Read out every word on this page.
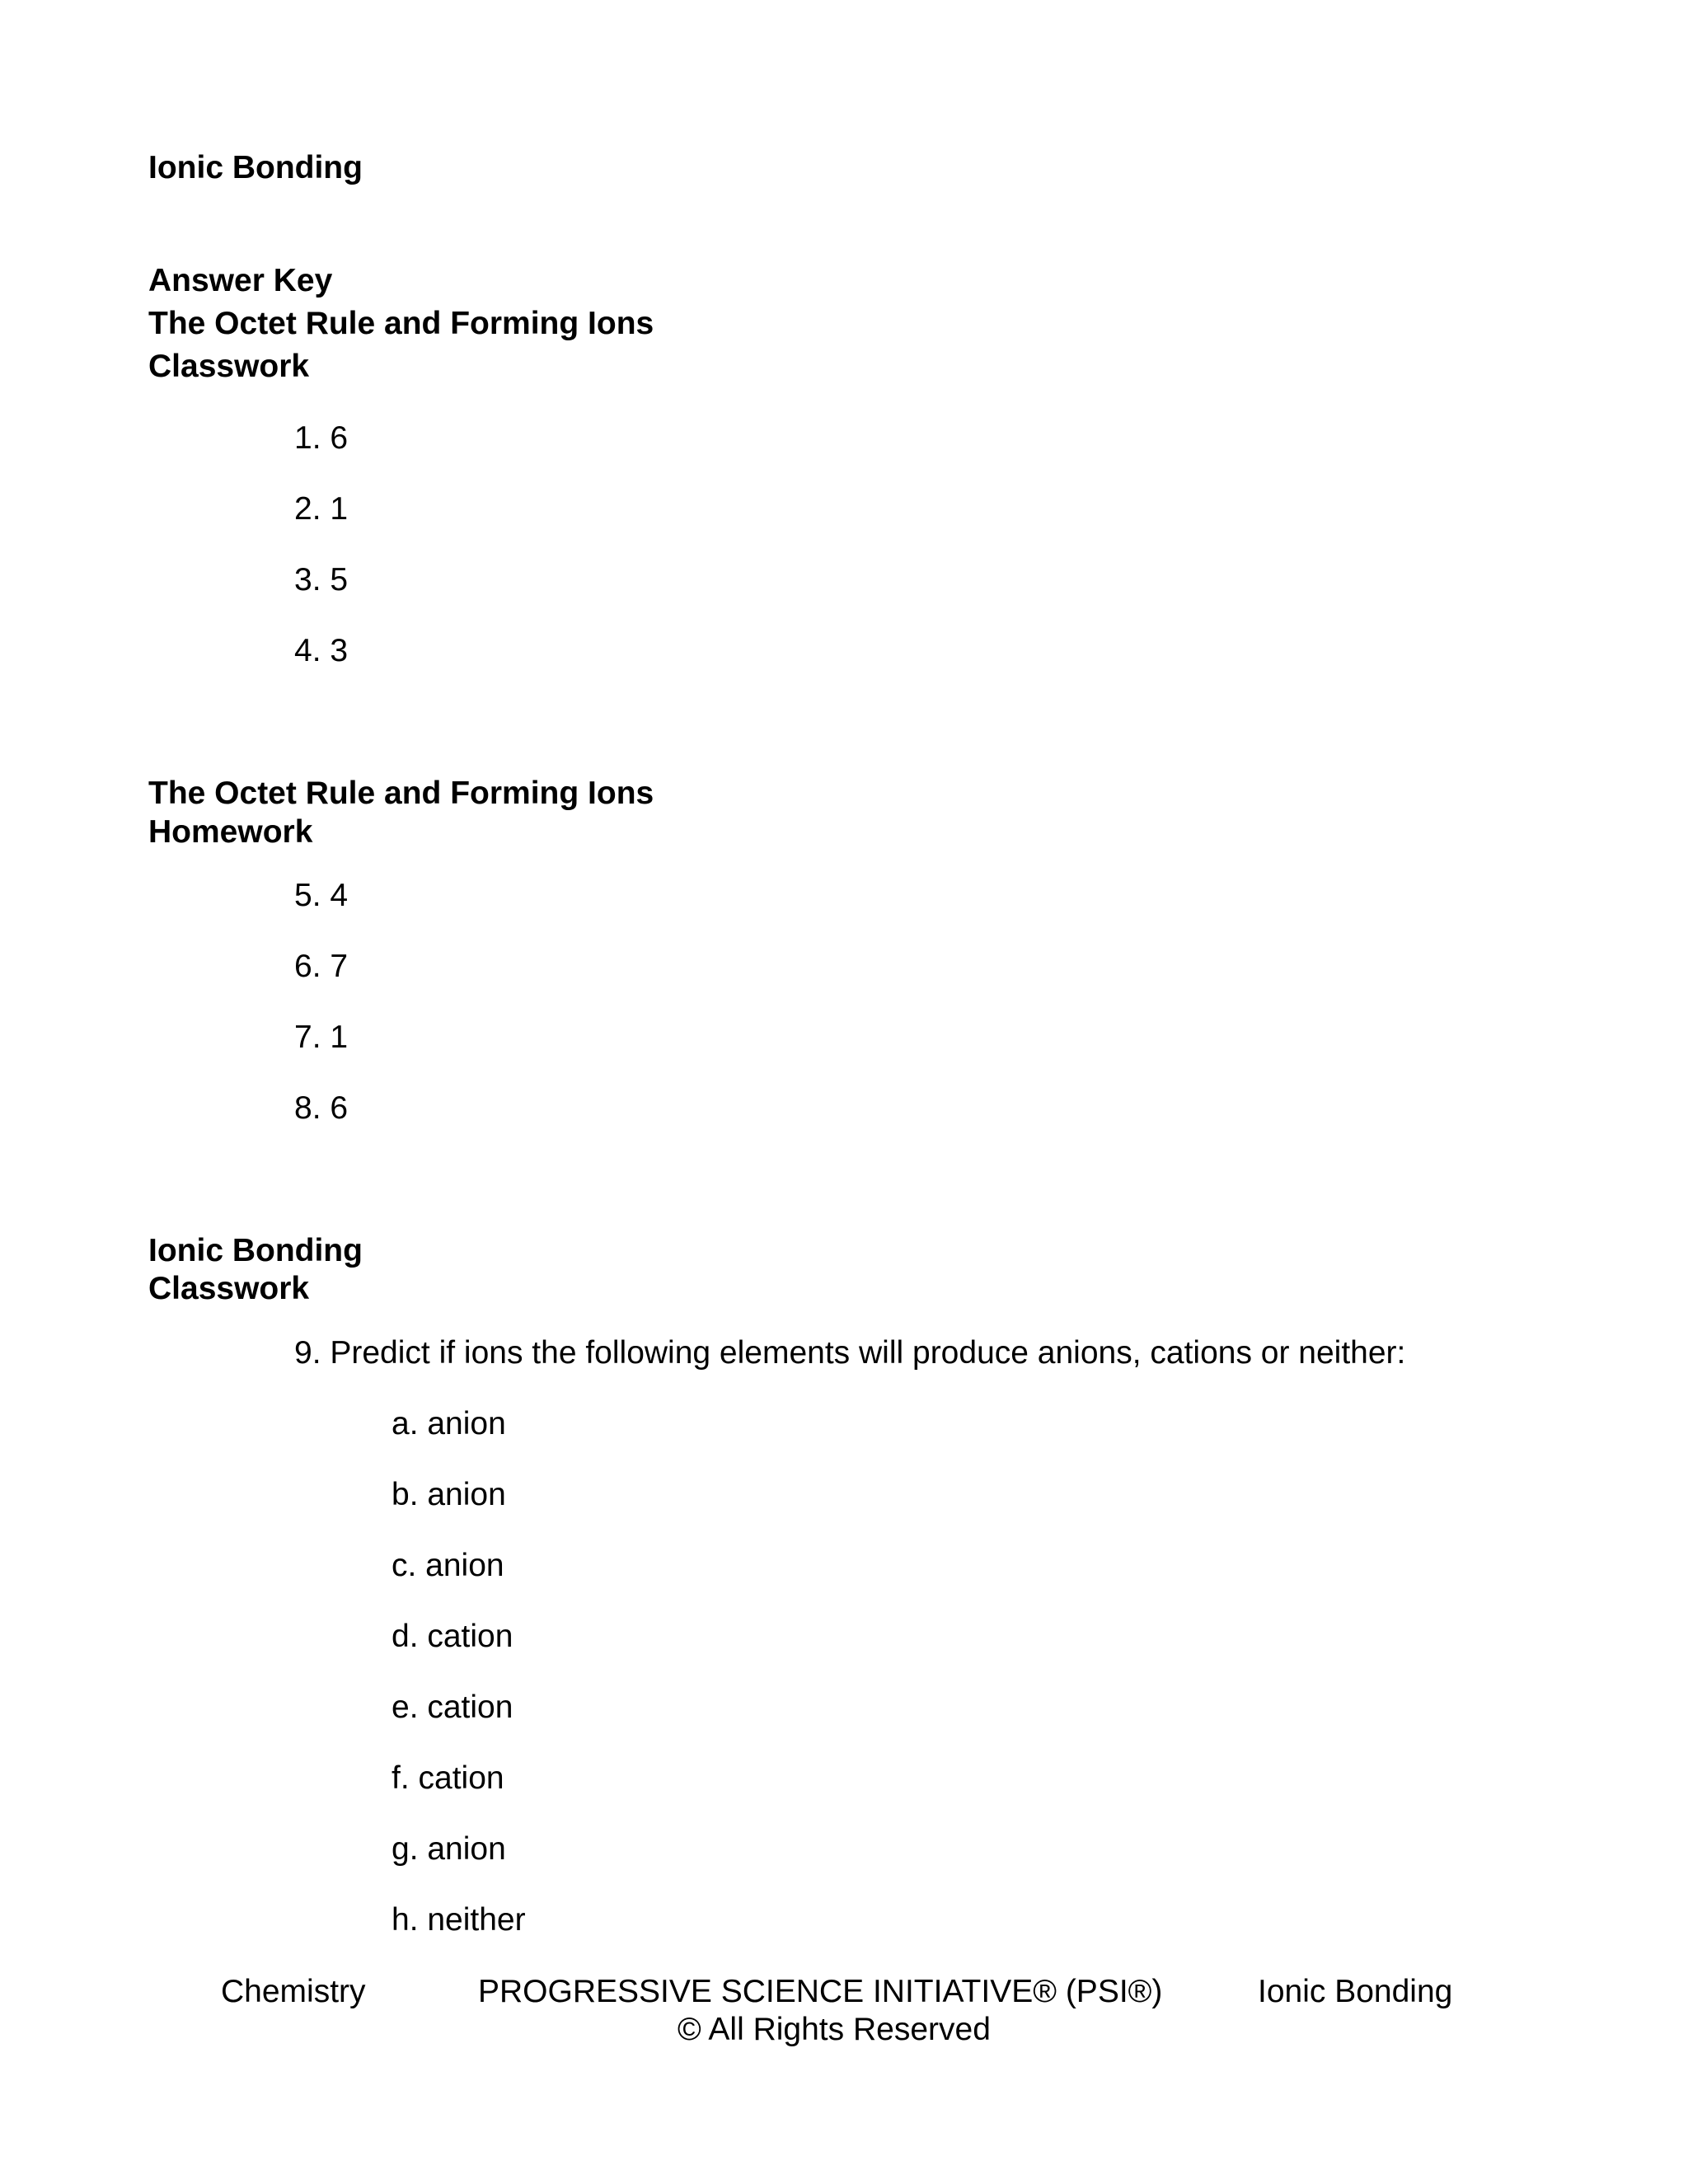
Ionic Bonding
Answer Key
The Octet Rule and Forming Ions
Classwork
1. 6
2. 1
3. 5
4. 3
The Octet Rule and Forming Ions
Homework
5. 4
6. 7
7. 1
8. 6
Ionic Bonding
Classwork
9. Predict if ions the following elements will produce anions, cations or neither:
a. anion
b. anion
c. anion
d. cation
e. cation
f. cation
g. anion
h. neither
Chemistry	PROGRESSIVE SCIENCE INITIATIVE® (PSI®)	Ionic Bonding
© All Rights Reserved
